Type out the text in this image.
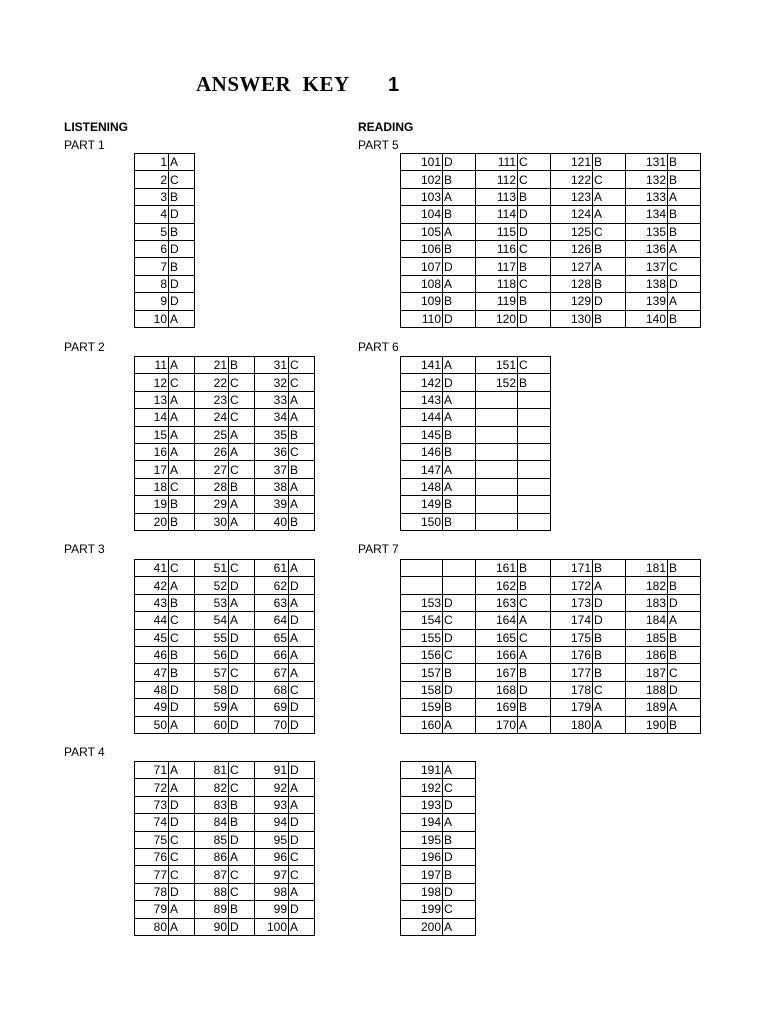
ANSWER  KEY 1
LISTENING	READING
PART 1	PART 5
PART 2	PART 6
PART 3	PART 7
PART 4
1	A
2	C
3	B
4	D
5	B
6	D
7	B
8	D
9	D
10	A
11	A	21	B	31	C
12	C	22	C	32	C
13	A	23	C	33	A
14	A	24	C	34	A
15	A	25	A	35	B
16	A	26	A	36	C
17	A	27	C	37	B
18	C	28	B	38	A
19	B	29	A	39	A
20	B	30	A	40	B
41	C	51	C	61	A
42	A	52	D	62	D
43	B	53	A	63	A
44	C	54	A	64	D
45	C	55	D	65	A
46	B	56	D	66	A
47	B	57	C	67	A
48	D	58	D	68	C
49	D	59	A	69	D
50	A	60	D	70	D
71	A	81	C	91	D
72	A	82	C	92	A
73	D	83	B	93	A
74	D	84	B	94	D
75	C	85	D	95	D
76	C	86	A	96	C
77	C	87	C	97	C
78	D	88	C	98	A
79	A	89	B	99	D
80	A	90	D	100	A
101	D	111	C	121	B	131	B
102	B	112	C	122	C	132	B
103	A	113	B	123	A	133	A
104	B	114	D	124	A	134	B
105	A	115	D	125	C	135	B
106	B	116	C	126	B	136	A
107	D	117	B	127	A	137	C
108	A	118	C	128	B	138	D
109	B	119	B	129	D	139	A
110	D	120	D	130	B	140	B
141	A	151	C
142	D	152	B
143	A		
144	A		
145	B		
146	B		
147	A		
148	A		
149	B		
150	B		
		161	B	171	B	181	B
		162	B	172	A	182	B
153	D	163	C	173	D	183	D
154	C	164	A	174	D	184	A
155	D	165	C	175	B	185	B
156	C	166	A	176	B	186	B
157	B	167	B	177	B	187	C
158	D	168	D	178	C	188	D
159	B	169	B	179	A	189	A
160	A	170	A	180	A	190	B
191	A
192	C
193	D
194	A
195	B
196	D
197	B
198	D
199	C
200	A
